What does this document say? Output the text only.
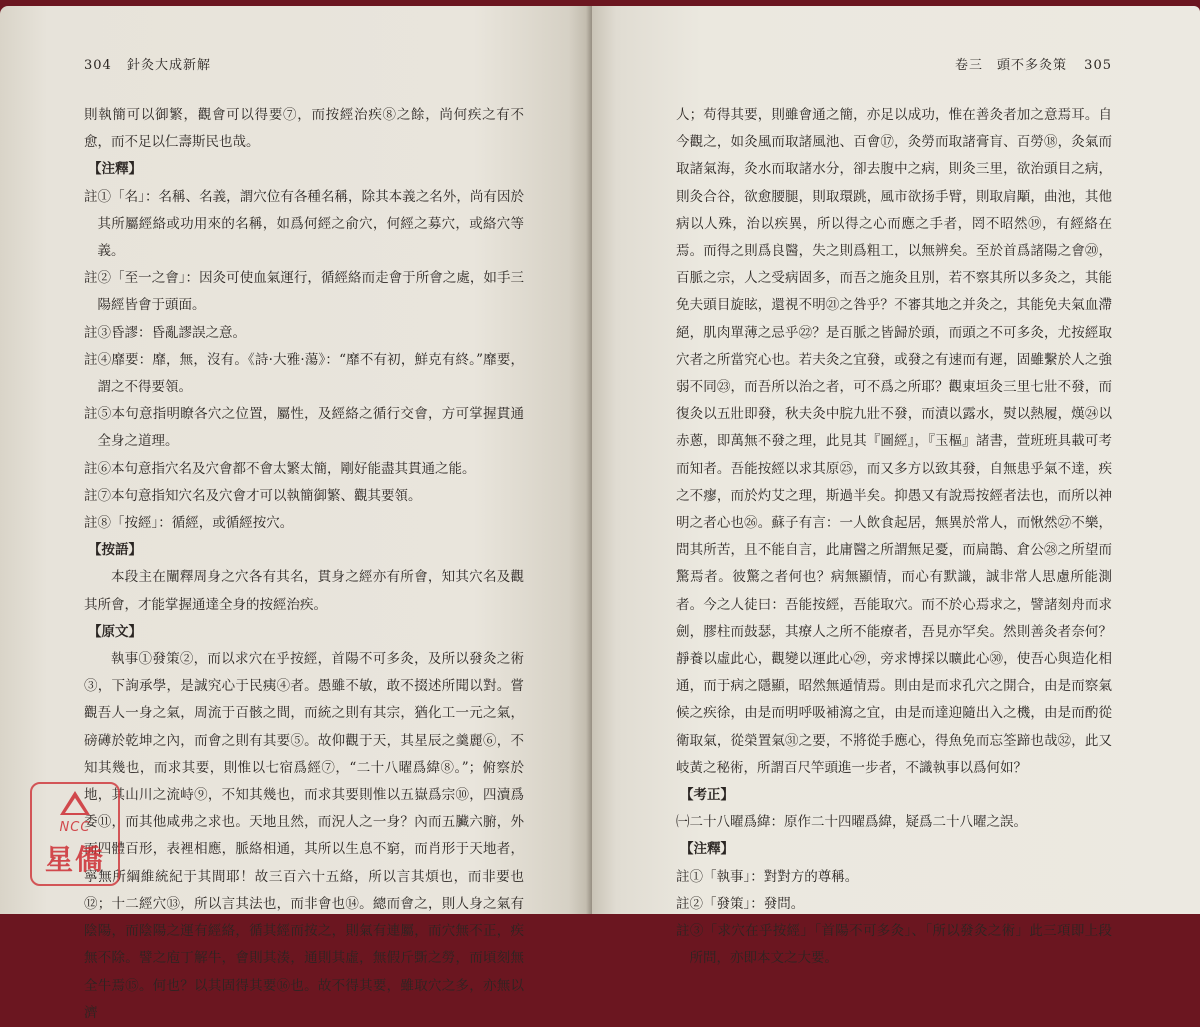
304 針灸大成新解

則執簡可以御繁，觀會可以得要⑦，而按經治疾⑧之餘，尚何疾之有不愈，而不足以仁壽斯民也哉。

【注釋】

註①「名」：名稱、名義，謂穴位有各種名稱，除其本義之名外，尚有因於其所屬經絡或功用來的名稱，如爲何經之俞穴，何經之募穴，或絡穴等義。

註②「至一之會」：因灸可使血氣運行，循經絡而走會于所會之處，如手三陽經皆會于頭面。

註③昏謬：昏亂謬誤之意。

註④靡要：靡，無，沒有。《詩·大雅·蕩》：“靡不有初，鮮克有終。”靡要，謂之不得要領。

註⑤本句意指明瞭各穴之位置，屬性，及經絡之循行交會，方可掌握貫通全身之道理。

註⑥本句意指穴名及穴會都不會太繁太簡，剛好能盡其貫通之能。

註⑦本句意指知穴名及穴會才可以執簡御繁、觀其要領。

註⑧「按經」：循經，或循經按穴。

【按語】

本段主在闡釋周身之穴各有其名，貫身之經亦有所會，知其穴名及觀其所會，才能掌握通達全身的按經治疾。

【原文】

執事①發策②，而以求穴在乎按經，首陽不可多灸，及所以發灸之術③，下詢承學，是誠究心于民痍④者。愚雖不敏，敢不掇述所聞以對。嘗觀吾人一身之氣，周流于百骸之間，而統之則有其宗，猶化工一元之氣，磅礡於乾坤之內，而會之則有其要⑤。故仰觀于天，其星辰之羹麗⑥，不知其幾也，而求其要，則惟以七宿爲經⑦，“二十八曜爲緯⑧。”；俯察於地，其山川之流峙⑨，不知其幾也，而求其要則惟以五嶽爲宗⑩，四瀆爲委⑪，而其他咸弗之求也。天地且然，而況人之一身？內而五臟六腑，外而四體百形，表裡相應，脈絡相通，其所以生息不窮，而肖形于天地者，寧無所綱維統紀于其間耶！故三百六十五絡，所以言其煩也，而非要也⑫；十二經穴⑬，所以言其法也，而非會也⑭。總而會之，則人身之氣有陰陽，而陰陽之運有經絡，循其經而按之，則氣有連屬，而穴無不正，疾無不除。譬之庖丁解牛，會則其湊，通則其虛，無假斤斲之勞，而頃刻無全牛焉⑮。何也？以其固得其要⑯也。故不得其要，雖取穴之多，亦無以濟

NCC
星僑
卷三　頭不多灸策 305

人；苟得其要，則雖會通之簡，亦足以成功，惟在善灸者加之意焉耳。自今觀之，如灸風而取諸風池、百會⑰，灸勞而取諸膏肓、百勞⑱，灸氣而取諸氣海，灸水而取諸水分，卻去腹中之病，則灸三里，欲治頭目之病，則灸合谷，欲愈腰腿，則取環跳，風市欲扬手臂，則取肩顒，曲池，其他病以人殊，治以疾異，所以得之心而應之手者，罔不昭然⑲，有經絡在焉。而得之則爲良醫，失之則爲粗工，以無辨矣。至於首爲諸陽之會⑳，百脈之宗，人之受病固多，而吾之施灸且別，若不察其所以多灸之，其能免夫頭目旋眩，還視不明㉑之咎乎？不審其地之并灸之，其能免夫氣血滯絕，肌肉單薄之忌乎㉒？是百脈之皆歸於頭，而頭之不可多灸，尤按經取穴者之所當究心也。若夫灸之宜發，或發之有速而有遲，固雖繫於人之強弱不同㉓，而吾所以治之者，可不爲之所耶？觀東垣灸三里七壯不發，而復灸以五壯即發，秋夫灸中脘九壯不發，而漬以露水，熨以熱履，熯㉔以赤蔥，即萬無不發之理，此見其『圖經』，『玉樞』諸書，萱班班具載可考而知者。吾能按經以求其原㉕，而又多方以致其發，自無患乎氣不達，疾之不瘳，而於灼艾之理，斯過半矣。抑愚又有說焉按經者法也，而所以神明之者心也㉖。蘇子有言：一人飲食起居，無異於常人，而愀然㉗不樂，問其所苦，且不能自言，此庸醫之所謂無足憂，而扁鵲、倉公㉘之所望而驚焉者。彼驚之者何也？病無顯情，而心有默識，誠非常人思慮所能測者。今之人徒曰：吾能按經，吾能取穴。而不於心焉求之，譬諸刻舟而求劍，膠柱而鼓瑟，其療人之所不能療者，吾見亦罕矣。然則善灸者奈何？靜養以虛此心，觀變以運此心㉙，旁求博採以曠此心㉚，使吾心與造化相通，而于病之隱顯，昭然無遁情焉。則由是而求孔穴之開合，由是而察氣候之疾徐，由是而明呼吸補瀉之宜，由是而達迎隨出入之機，由是而酌從衛取氣，從榮置氣㉛之要，不將從手應心，得魚免而忘筌蹄也哉㉜，此又岐黃之秘術，所謂百尺竿頭進一步者，不識執事以爲何如？

【考正】

㈠二十八曜爲緯：原作二十四曜爲緯，疑爲二十八曜之誤。

【注釋】

註①「執事」：對對方的尊稱。

註②「發策」：發問。

註③「求穴在乎按經」「首陽不可多灸」、「所以發灸之術」此三項即上段所問，亦即本文之大要。
